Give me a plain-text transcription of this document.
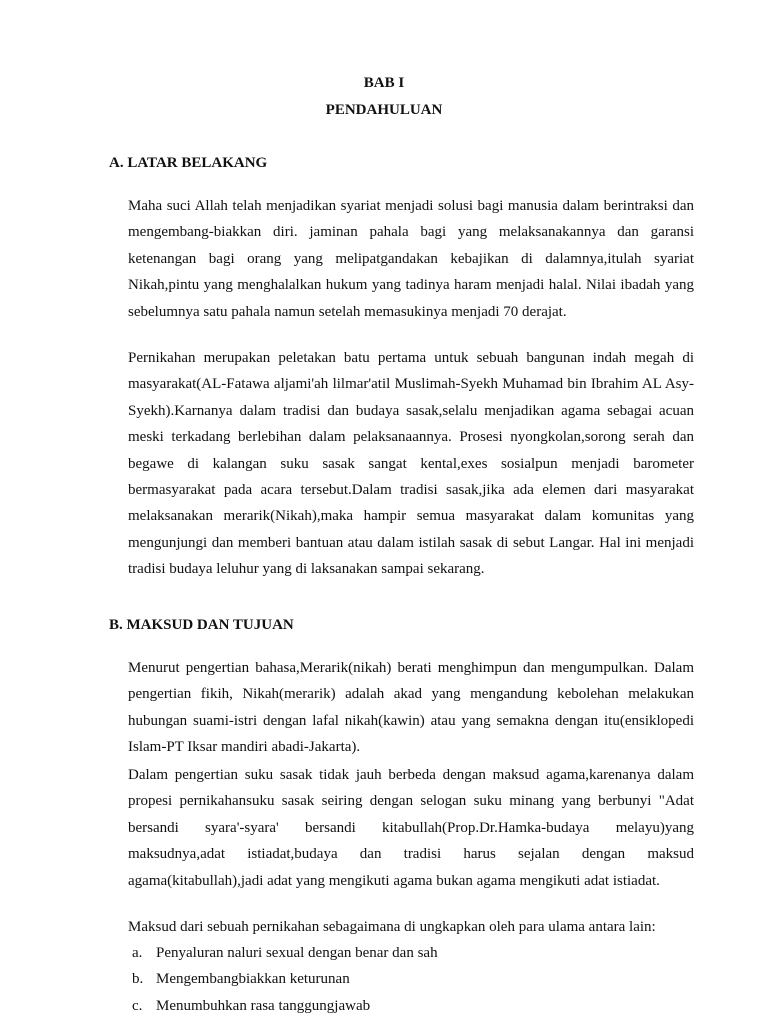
BAB I
PENDAHULUAN
A. LATAR BELAKANG

Maha suci Allah telah menjadikan syariat menjadi solusi bagi manusia dalam berintraksi dan mengembang-biakkan diri. jaminan pahala bagi yang melaksanakannya dan garansi ketenangan bagi orang yang melipatgandakan kebajikan di dalamnya,itulah syariat Nikah,pintu yang menghalalkan hukum yang tadinya haram menjadi halal. Nilai ibadah yang sebelumnya satu pahala namun setelah memasukinya menjadi 70 derajat.

Pernikahan merupakan peletakan batu pertama untuk sebuah bangunan indah megah di masyarakat(AL-Fatawa aljami'ah lilmar'atil Muslimah-Syekh Muhamad bin Ibrahim AL Asy-Syekh).Karnanya dalam tradisi dan budaya sasak,selalu menjadikan agama sebagai acuan meski terkadang berlebihan dalam pelaksanaannya. Prosesi nyongkolan,sorong serah dan begawe di kalangan suku sasak sangat kental,exes sosialpun menjadi barometer bermasyarakat pada acara tersebut.Dalam tradisi sasak,jika ada elemen dari masyarakat melaksanakan merarik(Nikah),maka hampir semua masyarakat dalam komunitas yang mengunjungi dan memberi bantuan atau dalam istilah sasak di sebut Langar. Hal ini menjadi tradisi budaya leluhur yang di laksanakan sampai sekarang.

B. MAKSUD DAN TUJUAN

Menurut pengertian bahasa,Merarik(nikah) berati menghimpun dan mengumpulkan. Dalam pengertian fikih, Nikah(merarik) adalah akad yang mengandung kebolehan melakukan hubungan suami-istri dengan lafal nikah(kawin) atau yang semakna dengan itu(ensiklopedi Islam-PT Iksar mandiri abadi-Jakarta).

Dalam pengertian suku sasak tidak jauh berbeda dengan maksud agama,karenanya dalam propesi pernikahansuku sasak seiring dengan selogan suku minang yang berbunyi "Adat bersandi syara'-syara' bersandi kitabullah(Prop.Dr.Hamka-budaya melayu)yang maksudnya,adat istiadat,budaya dan tradisi harus sejalan dengan maksud agama(kitabullah),jadi adat yang mengikuti agama bukan agama mengikuti adat istiadat.

Maksud dari sebuah pernikahan sebagaimana di ungkapkan oleh para ulama antara lain:

a. Penyaluran naluri sexual dengan benar dan sah
b. Mengembangbiakkan keturunan
c. Menumbuhkan rasa tanggungjawab
